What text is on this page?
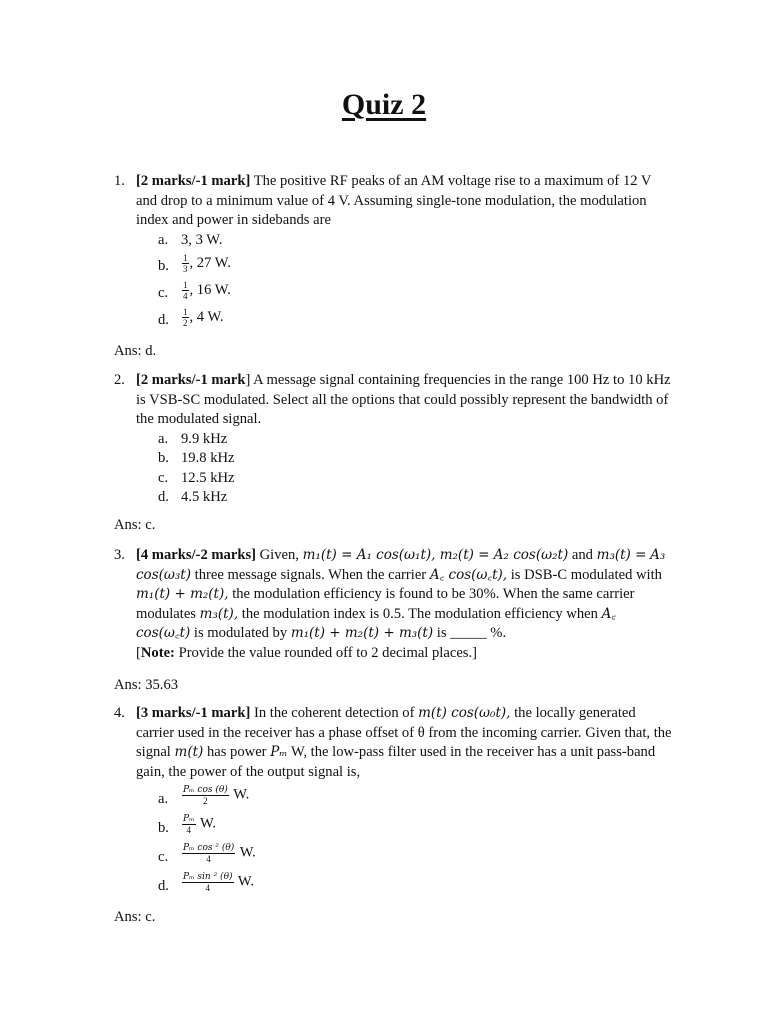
Quiz 2
1. [2 marks/-1 mark] The positive RF peaks of an AM voltage rise to a maximum of 12 V and drop to a minimum value of 4 V. Assuming single-tone modulation, the modulation index and power in sidebands are
a. 3, 3 W.
b. $\frac{1}{3}$ , 27 W.
c. $\frac{1}{4}$ , 16 W.
d. $\frac{1}{2}$ , 4 W.
Ans: d.
2. [2 marks/-1 mark] A message signal containing frequencies in the range 100 Hz to 10 kHz is VSB-SC modulated. Select all the options that could possibly represent the bandwidth of the modulated signal.
a. 9.9 kHz
b. 19.8 kHz
c. 12.5 kHz
d. 4.5 kHz
Ans: c.
3. [4 marks/-2 marks] Given, m₁(t) = A₁ cos(ω₁t), m₂(t) = A₂ cos(ω₂t) and m₃(t) = A₃ cos(ω₃t) three message signals. When the carrier A꜀ cos(ω꜀t), is DSB-C modulated with m₁(t) + m₂(t), the modulation efficiency is found to be 30%. When the same carrier modulates m₃(t), the modulation index is 0.5. The modulation efficiency when A꜀ cos(ω꜀t) is modulated by m₁(t) + m₂(t) + m₃(t) is _____ %.
[Note: Provide the value rounded off to 2 decimal places.]
Ans: 35.63
4. [3 marks/-1 mark] In the coherent detection of m(t) cos(ω₀t), the locally generated carrier used in the receiver has a phase offset of θ from the incoming carrier. Given that, the signal m(t) has power Pₘ W, the low-pass filter used in the receiver has a unit pass-band gain, the power of the output signal is,
a. $\frac{\text{Pₘ cos (θ)}}{2} W$.
b. $\frac{\text{Pₘ}}{4} W$.
c. $\frac{\text{Pₘ cos ² (θ)}}{4} W$.
d. $\frac{\text{Pₘ sin ² (θ)}}{4} W$.
Ans: c.
